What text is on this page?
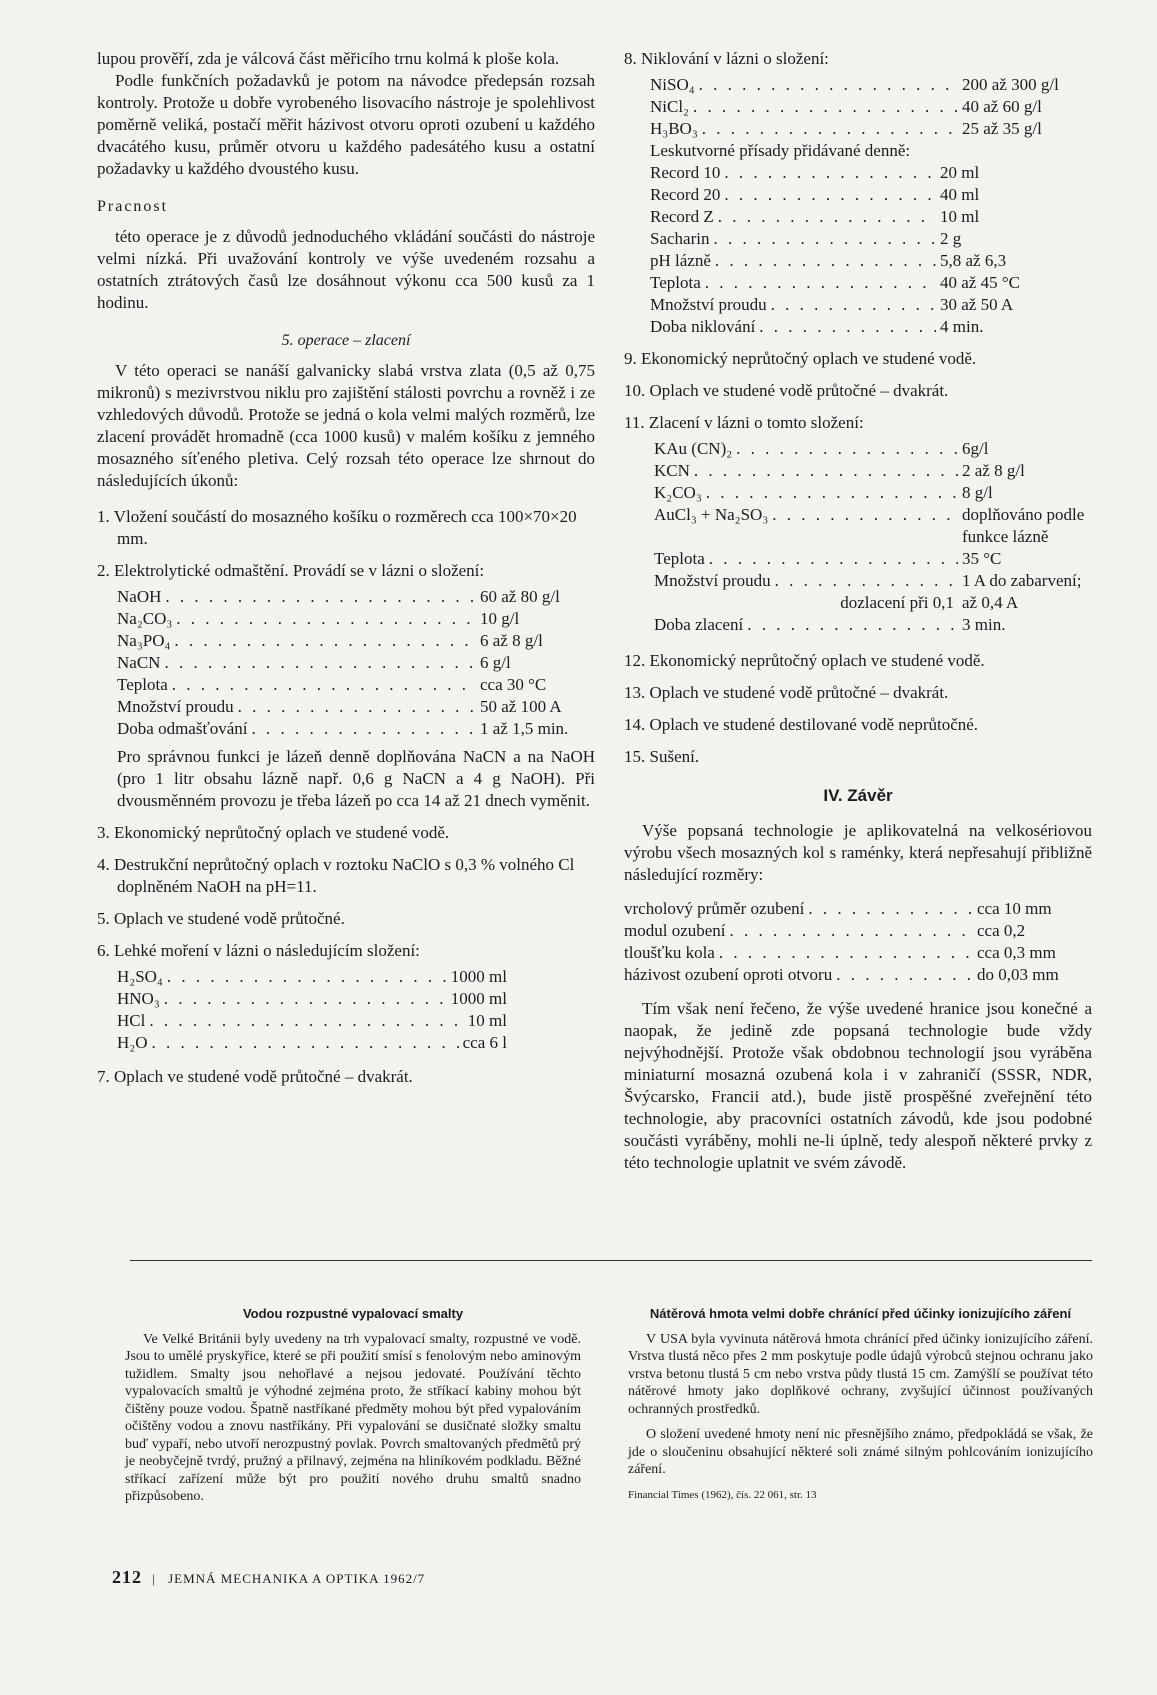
lupou prověří, zda je válcová část měřicího trnu kolmá k ploše kola.

Podle funkčních požadavků je potom na návodce předepsán rozsah kontroly. Protože u dobře vyrobeného lisovacího nástroje je spolehlivost poměrně veliká, postačí měřit házivost otvoru oproti ozubení u každého dvacátého kusu, průměr otvoru u každého padesátého kusu a ostatní požadavky u každého dvoustého kusu.

Pracnost

této operace je z důvodů jednoduchého vkládání součásti do nástroje velmi nízká. Při uvažování kontroly ve výše uvedeném rozsahu a ostatních ztrátových časů lze dosáhnout výkonu cca 500 kusů za 1 hodinu.

5. operace – zlacení

V této operaci se nanáší galvanicky slabá vrstva zlata (0,5 až 0,75 mikronů) s mezivrstvou niklu pro zajištění stálosti povrchu a rovněž i ze vzhledových důvodů. Protože se jedná o kola velmi malých rozměrů, lze zlacení provádět hromadně (cca 1000 kusů) v malém košíku z jemného mosazného síťeného pletiva. Celý rozsah této operace lze shrnout do následujících úkonů:

1. Vložení součástí do mosazného košíku o rozměrech cca 100×70×20 mm.
2. Elektrolytické odmaštění. Provádí se v lázni o složení:
NaOH . . .	60 až 80 g/l
Na₂CO₃ . . .	10 g/l
Na₃PO₄ . . .	6 až 8 g/l
NaCN . . .	6 g/l
Teplota . . .	cca 30 °C
Množství proudu . . .	50 až 100 A
Doba odmašťování . . .	1 až 1,5 min.

Pro správnou funkci je lázeň denně doplňována NaCN a na NaOH (pro 1 litr obsahu lázně např. 0,6 g NaCN a 4 g NaOH). Při dvousměnném provozu je třeba lázeň po cca 14 až 21 dnech vyměnit.

3. Ekonomický neprůtočný oplach ve studené vodě.
4. Destrukční neprůtočný oplach v roztoku NaClO s 0,3 % volného Cl doplněném NaOH na pH=11.
5. Oplach ve studené vodě průtočné.
6. Lehké moření v lázni o následujícím složení:
H₂SO₄ . . .	1000 ml
HNO₃ . . .	1000 ml
HCl . . .	10 ml
H₂O . . .	cca 6 l
7. Oplach ve studené vodě průtočné – dvakrát.
8. Niklování v lázni o složení:
NiSO₄ . . .	200 až 300 g/l
NiCl₂ . . .	40 až 60 g/l
H₃BO₃ . . .	25 až 35 g/l
Leskutvorné přísady přidávané denně:
Record 10 . . .	20 ml
Record 20 . . .	40 ml
Record Z . . .	10 ml
Sacharin . . .	2 g
pH lázně . . .	5,8 až 6,3
Teplota . . .	40 až 45 °C
Množství proudu . . .	30 až 50 A
Doba niklování . . .	4 min.
9. Ekonomický neprůtočný oplach ve studené vodě.
10. Oplach ve studené vodě průtočné – dvakrát.
11. Zlacení v lázni o tomto složení:
KAu (CN)₂ . . .	6g/l
KCN . . .	2 až 8 g/l
K₂CO₃ . . .	8 g/l
AuCl₃ + Na₂SO₃ . . .	doplňováno podle
funkce lázně
Teplota . . .	35 °C
Množství proudu . . .	1 A do zabarvení;
dozlacení při 0,1 až 0,4 A
Doba zlacení . . .	3 min.
12. Ekonomický neprůtočný oplach ve studené vodě.
13. Oplach ve studené vodě průtočné – dvakrát.
14. Oplach ve studené destilované vodě neprůtočné.
15. Sušení.
IV. Závěr

Výše popsaná technologie je aplikovatelná na velkosériovou výrobu všech mosazných kol s raménky, která nepřesahují přibližně následující rozměry:

vrcholový průměr ozubení . . .	cca 10 mm
modul ozubení . . .	cca 0,2
tloušťku kola . . .	cca 0,3 mm
házivost ozubení oproti otvoru . . .	do 0,03 mm

Tím však není řečeno, že výše uvedené hranice jsou konečné a naopak, že jedině zde popsaná technologie bude vždy nejvýhodnější. Protože však obdobnou technologií jsou vyráběna miniaturní mosazná ozubená kola i v zahraničí (SSSR, NDR, Švýcarsko, Francii atd.), bude jistě prospěšné zveřejnění této technologie, aby pracovníci ostatních závodů, kde jsou podobné součásti vyráběny, mohli ne-li úplně, tedy alespoň některé prvky z této technologie uplatnit ve svém závodě.

Vodou rozpustné vypalovací smalty

Ve Velké Británii byly uvedeny na trh vypalovací smalty, rozpustné ve vodě. Jsou to umělé pryskyřice, které se při použití smísí s fenolovým nebo aminovým tužidlem. Smalty jsou nehořlavé a nejsou jedovaté. Používání těchto vypalovacích smaltů je výhodné zejména proto, že stříkací kabiny mohou být čištěny pouze vodou. Špatně nastříkané předměty mohou být před vypalováním očištěny vodou a znovu nastříkány. Při vypalování se dusičnaté složky smaltu buď vypaří, nebo utvoří nerozpustný povlak. Povrch smaltovaných předmětů prý je neobyčejně tvrdý, pružný a přilnavý, zejména na hliníkovém podkladu. Běžné stříkací zařízení může být pro použití nového druhu smaltů snadno přizpůsobeno.

Nátěrová hmota velmi dobře chránící před účinky ionizujícího záření

V USA byla vyvinuta nátěrová hmota chránící před účinky ionizujícího záření. Vrstva tlustá něco přes 2 mm poskytuje podle údajů výrobců stejnou ochranu jako vrstva betonu tlustá 5 cm nebo vrstva půdy tlustá 15 cm. Zamýšlí se používat této nátěrové hmoty jako doplňkové ochrany, zvyšující účinnost používaných ochranných prostředků.

O složení uvedené hmoty není nic přesnějšího známo, předpokládá se však, že jde o sloučeninu obsahující některé soli známé silným pohlcováním ionizujícího záření.

Financial Times (1962), čís. 22 061, str. 13

212 | JEMNÁ MECHANIKA A OPTIKA 1962/7
